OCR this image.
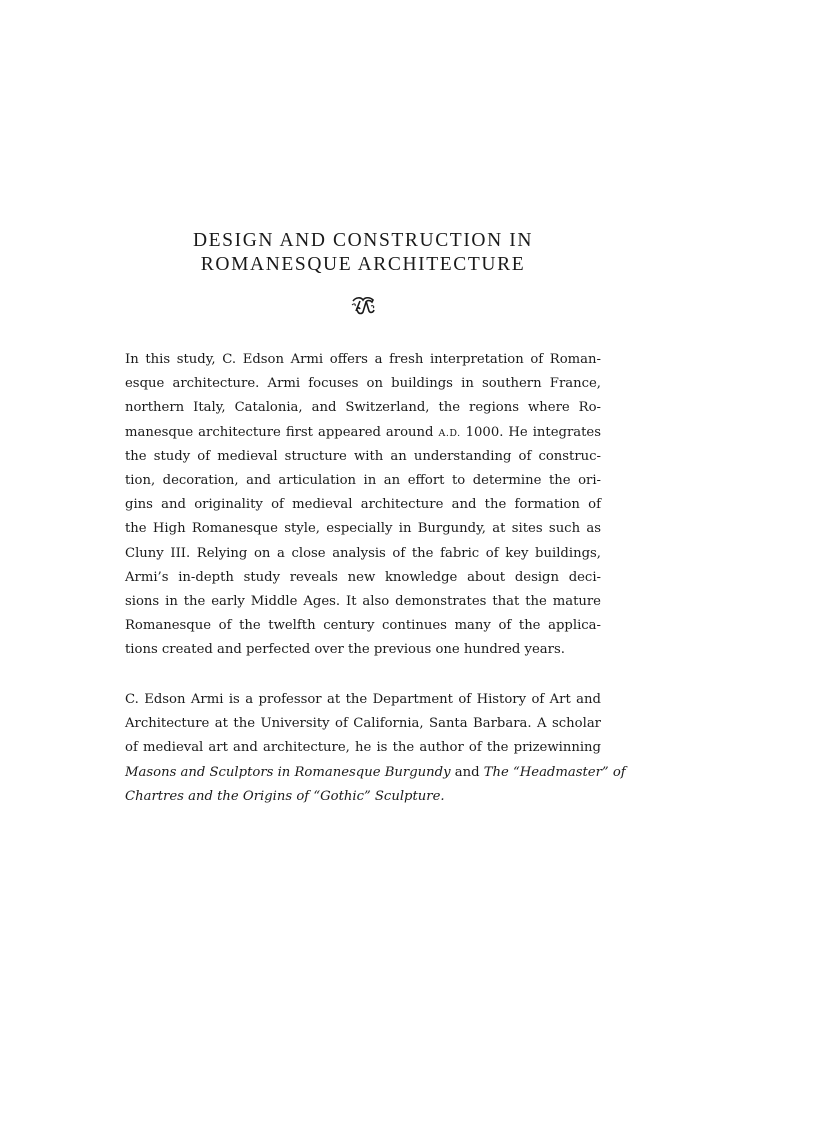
DESIGN AND CONSTRUCTION IN
ROMANESQUE ARCHITECTURE
In this study, C. Edson Armi offers a fresh interpretation of Roman-
esque architecture. Armi focuses on buildings in southern France,
northern Italy, Catalonia, and Switzerland, the regions where Ro-
manesque architecture first appeared around A.D. 1000. He integrates
the study of medieval structure with an understanding of construc-
tion, decoration, and articulation in an effort to determine the ori-
gins and originality of medieval architecture and the formation of
the High Romanesque style, especially in Burgundy, at sites such as
Cluny III. Relying on a close analysis of the fabric of key buildings,
Armi’s in-depth study reveals new knowledge about design deci-
sions in the early Middle Ages. It also demonstrates that the mature
Romanesque of the twelfth century continues many of the applica-
tions created and perfected over the previous one hundred years.
C. Edson Armi is a professor at the Department of History of Art and
Architecture at the University of California, Santa Barbara. A scholar
of medieval art and architecture, he is the author of the prizewinning
Masons and Sculptors in Romanesque Burgundy and The “Headmaster” of
Chartres and the Origins of “Gothic” Sculpture.
